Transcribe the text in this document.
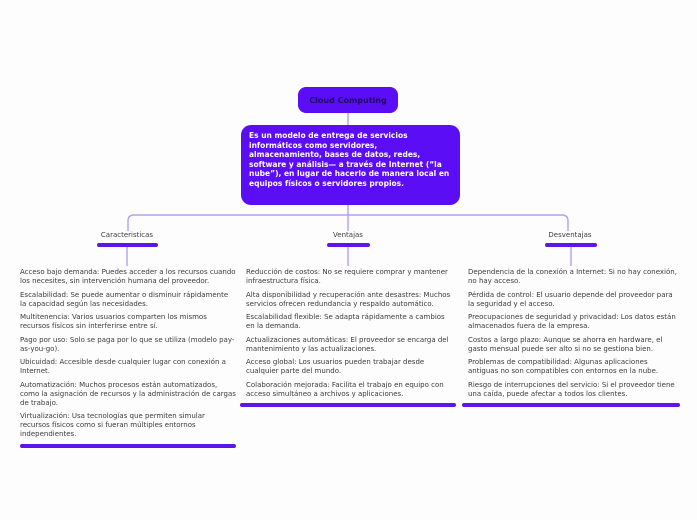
Cloud Computing
Es un modelo de entrega de servicios informáticos como servidores, almacenamiento, bases de datos, redes, software y análisis— a través de Internet (“la nube”), en lugar de hacerlo de manera local en equipos físicos o servidores propios.
Caracteristicas	Ventajas	Desventajas

Acceso bajo demanda: Puedes acceder a los recursos cuando los necesites, sin intervención humana del proveedor.

Escalabilidad: Se puede aumentar o disminuir rápidamente la capacidad según las necesidades.

Multitenencia: Varios usuarios comparten los mismos recursos físicos sin interferirse entre sí.

Pago por uso: Solo se paga por lo que se utiliza (modelo pay-as-you-go).

Ubicuidad: Accesible desde cualquier lugar con conexión a Internet.

Automatización: Muchos procesos están automatizados, como la asignación de recursos y la administración de cargas de trabajo.

Virtualización: Usa tecnologías que permiten simular recursos físicos como si fueran múltiples entornos independientes.

Reducción de costos: No se requiere comprar y mantener infraestructura física.

Alta disponibilidad y recuperación ante desastres: Muchos servicios ofrecen redundancia y respaldo automático.

Escalabilidad flexible: Se adapta rápidamente a cambios en la demanda.

Actualizaciones automáticas: El proveedor se encarga del mantenimiento y las actualizaciones.

Acceso global: Los usuarios pueden trabajar desde cualquier parte del mundo.

Colaboración mejorada: Facilita el trabajo en equipo con acceso simultáneo a archivos y aplicaciones.

Dependencia de la conexión a Internet: Si no hay conexión, no hay acceso.

Pérdida de control: El usuario depende del proveedor para la seguridad y el acceso.

Preocupaciones de seguridad y privacidad: Los datos están almacenados fuera de la empresa.

Costos a largo plazo: Aunque se ahorra en hardware, el gasto mensual puede ser alto si no se gestiona bien.

Problemas de compatibilidad: Algunas aplicaciones antiguas no son compatibles con entornos en la nube.

Riesgo de interrupciones del servicio: Si el proveedor tiene una caída, puede afectar a todos los clientes.
